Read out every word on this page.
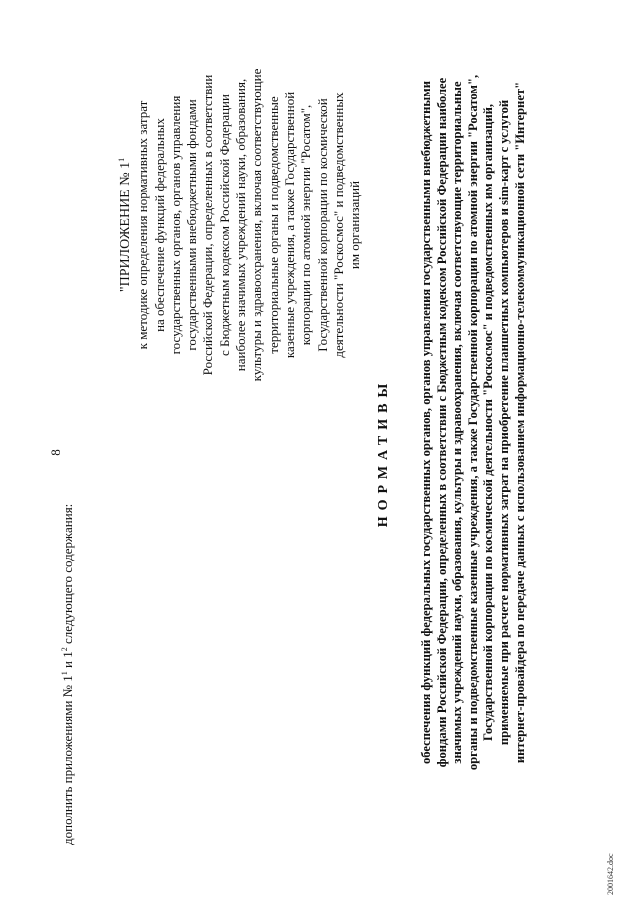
8
дополнить приложениями № $1^1$ и $1^2$ следующего содержания:
"ПРИЛОЖЕНИЕ № $1^1$ к методике определения нормативных затрат на обеспечение функций федеральных государственных органов, органов управления государственными внебюджетными фондами Российской Федерации, определенных в соответствии с Бюджетным кодексом Российской Федерации наиболее значимых учреждений науки, образования, культуры и здравоохранения, включая соответствующие территориальные органы и подведомственные казенные учреждения, а также Государственной корпорации по атомной энергии "Росатом", Государственной корпорации по космической деятельности "Роскосмос" и подведомственных им организаций
НОРМАТИВЫ обеспечения функций федеральных государственных органов, органов управления государственными внебюджетными фондами Российской Федерации, определенных в соответствии с Бюджетным кодексом Российской Федерации наиболее значимых учреждений науки, образования, культуры и здравоохранения, включая соответствующие территориальные органы и подведомственные казенные учреждения, а также Государственной корпорации по атомной энергии "Росатом", Государственной корпорации по космической деятельности "Роскосмос" и подведомственных им организаций, применяемые при расчете нормативных затрат на приобретение планшетных компьютеров и sim-карт с услугой интернет-провайдера по передаче данных с использованием информационно-телекоммуникационной сети "Интернет"
2001642.doc
